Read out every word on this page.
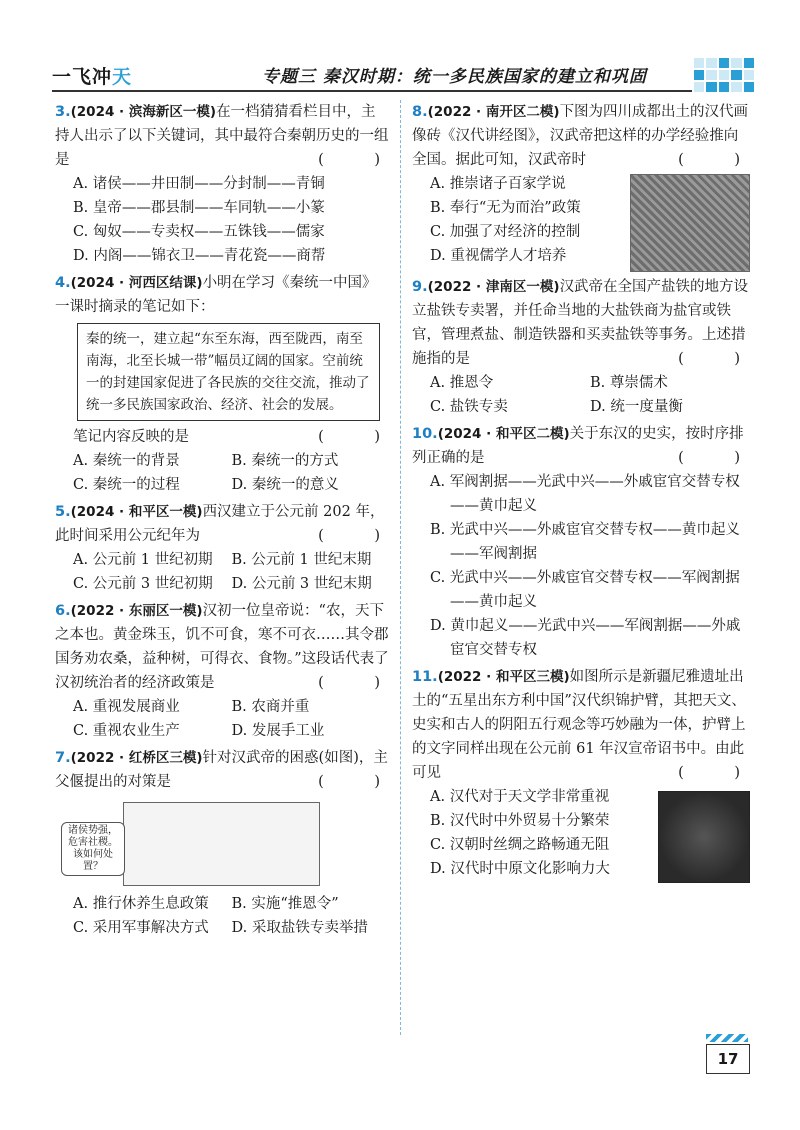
一飞冲天	专题三 秦汉时期：统一多民族国家的建立和巩固
3.(2024 · 滨海新区一模)在一档猜猜看栏目中，主持人出示了以下关键词，其中最符合秦朝历史的一组是	(　)
A. 诸侯——井田制——分封制——青铜
B. 皇帝——郡县制——车同轨——小篆
C. 匈奴——专卖权——五铢钱——儒家
D. 内阁——锦衣卫——青花瓷——商帮
4.(2024 · 河西区结课)小明在学习《秦统一中国》一课时摘录的笔记如下：
秦的统一，建立起“东至东海，西至陇西，南至南海，北至长城一带”幅员辽阔的国家。空前统一的封建国家促进了各民族的交往交流，推动了统一多民族国家政治、经济、社会的发展。
笔记内容反映的是	(　)
A. 秦统一的背景	B. 秦统一的方式
C. 秦统一的过程	D. 秦统一的意义
5.(2024 · 和平区一模)西汉建立于公元前 202 年，此时间采用公元纪年为	(　)
A. 公元前 1 世纪初期	B. 公元前 1 世纪末期
C. 公元前 3 世纪初期	D. 公元前 3 世纪末期
6.(2022 · 东丽区一模)汉初一位皇帝说：“农，天下之本也。黄金珠玉，饥不可食，寒不可衣……其令郡国务劝农桑，益种树，可得衣、食物。”这段话代表了汉初统治者的经济政策是	(　)
A. 重视发展商业	B. 农商并重
C. 重视农业生产	D. 发展手工业
7.(2022 · 红桥区三模)针对汉武帝的困惑(如图)，主父偃提出的对策是	(　)
诸侯势强，危害社稷。该如何处置？
A. 推行休养生息政策	B. 实施“推恩令”
C. 采用军事解决方式	D. 采取盐铁专卖举措
8.(2022 · 南开区二模)下图为四川成都出土的汉代画像砖《汉代讲经图》，汉武帝把这样的办学经验推向全国。据此可知，汉武帝时	(　)
A. 推崇诸子百家学说
B. 奉行“无为而治”政策
C. 加强了对经济的控制
D. 重视儒学人才培养
9.(2022 · 津南区一模)汉武帝在全国产盐铁的地方设立盐铁专卖署，并任命当地的大盐铁商为盐官或铁官，管理煮盐、制造铁器和买卖盐铁等事务。上述措施指的是	(　)
A. 推恩令	B. 尊崇儒术
C. 盐铁专卖	D. 统一度量衡
10.(2024 · 和平区二模)关于东汉的史实，按时序排列正确的是	(　)
A. 军阀割据——光武中兴——外戚宦官交替专权——黄巾起义
B. 光武中兴——外戚宦官交替专权——黄巾起义——军阀割据
C. 光武中兴——外戚宦官交替专权——军阀割据——黄巾起义
D. 黄巾起义——光武中兴——军阀割据——外戚宦官交替专权
11.(2022 · 和平区三模)如图所示是新疆尼雅遗址出土的“五星出东方利中国”汉代织锦护臂，其把天文、史实和古人的阴阳五行观念等巧妙融为一体，护臂上的文字同样出现在公元前 61 年汉宣帝诏书中。由此可见	(　)
A. 汉代对于天文学非常重视
B. 汉代时中外贸易十分繁荣
C. 汉朝时丝绸之路畅通无阻
D. 汉代时中原文化影响力大
17
